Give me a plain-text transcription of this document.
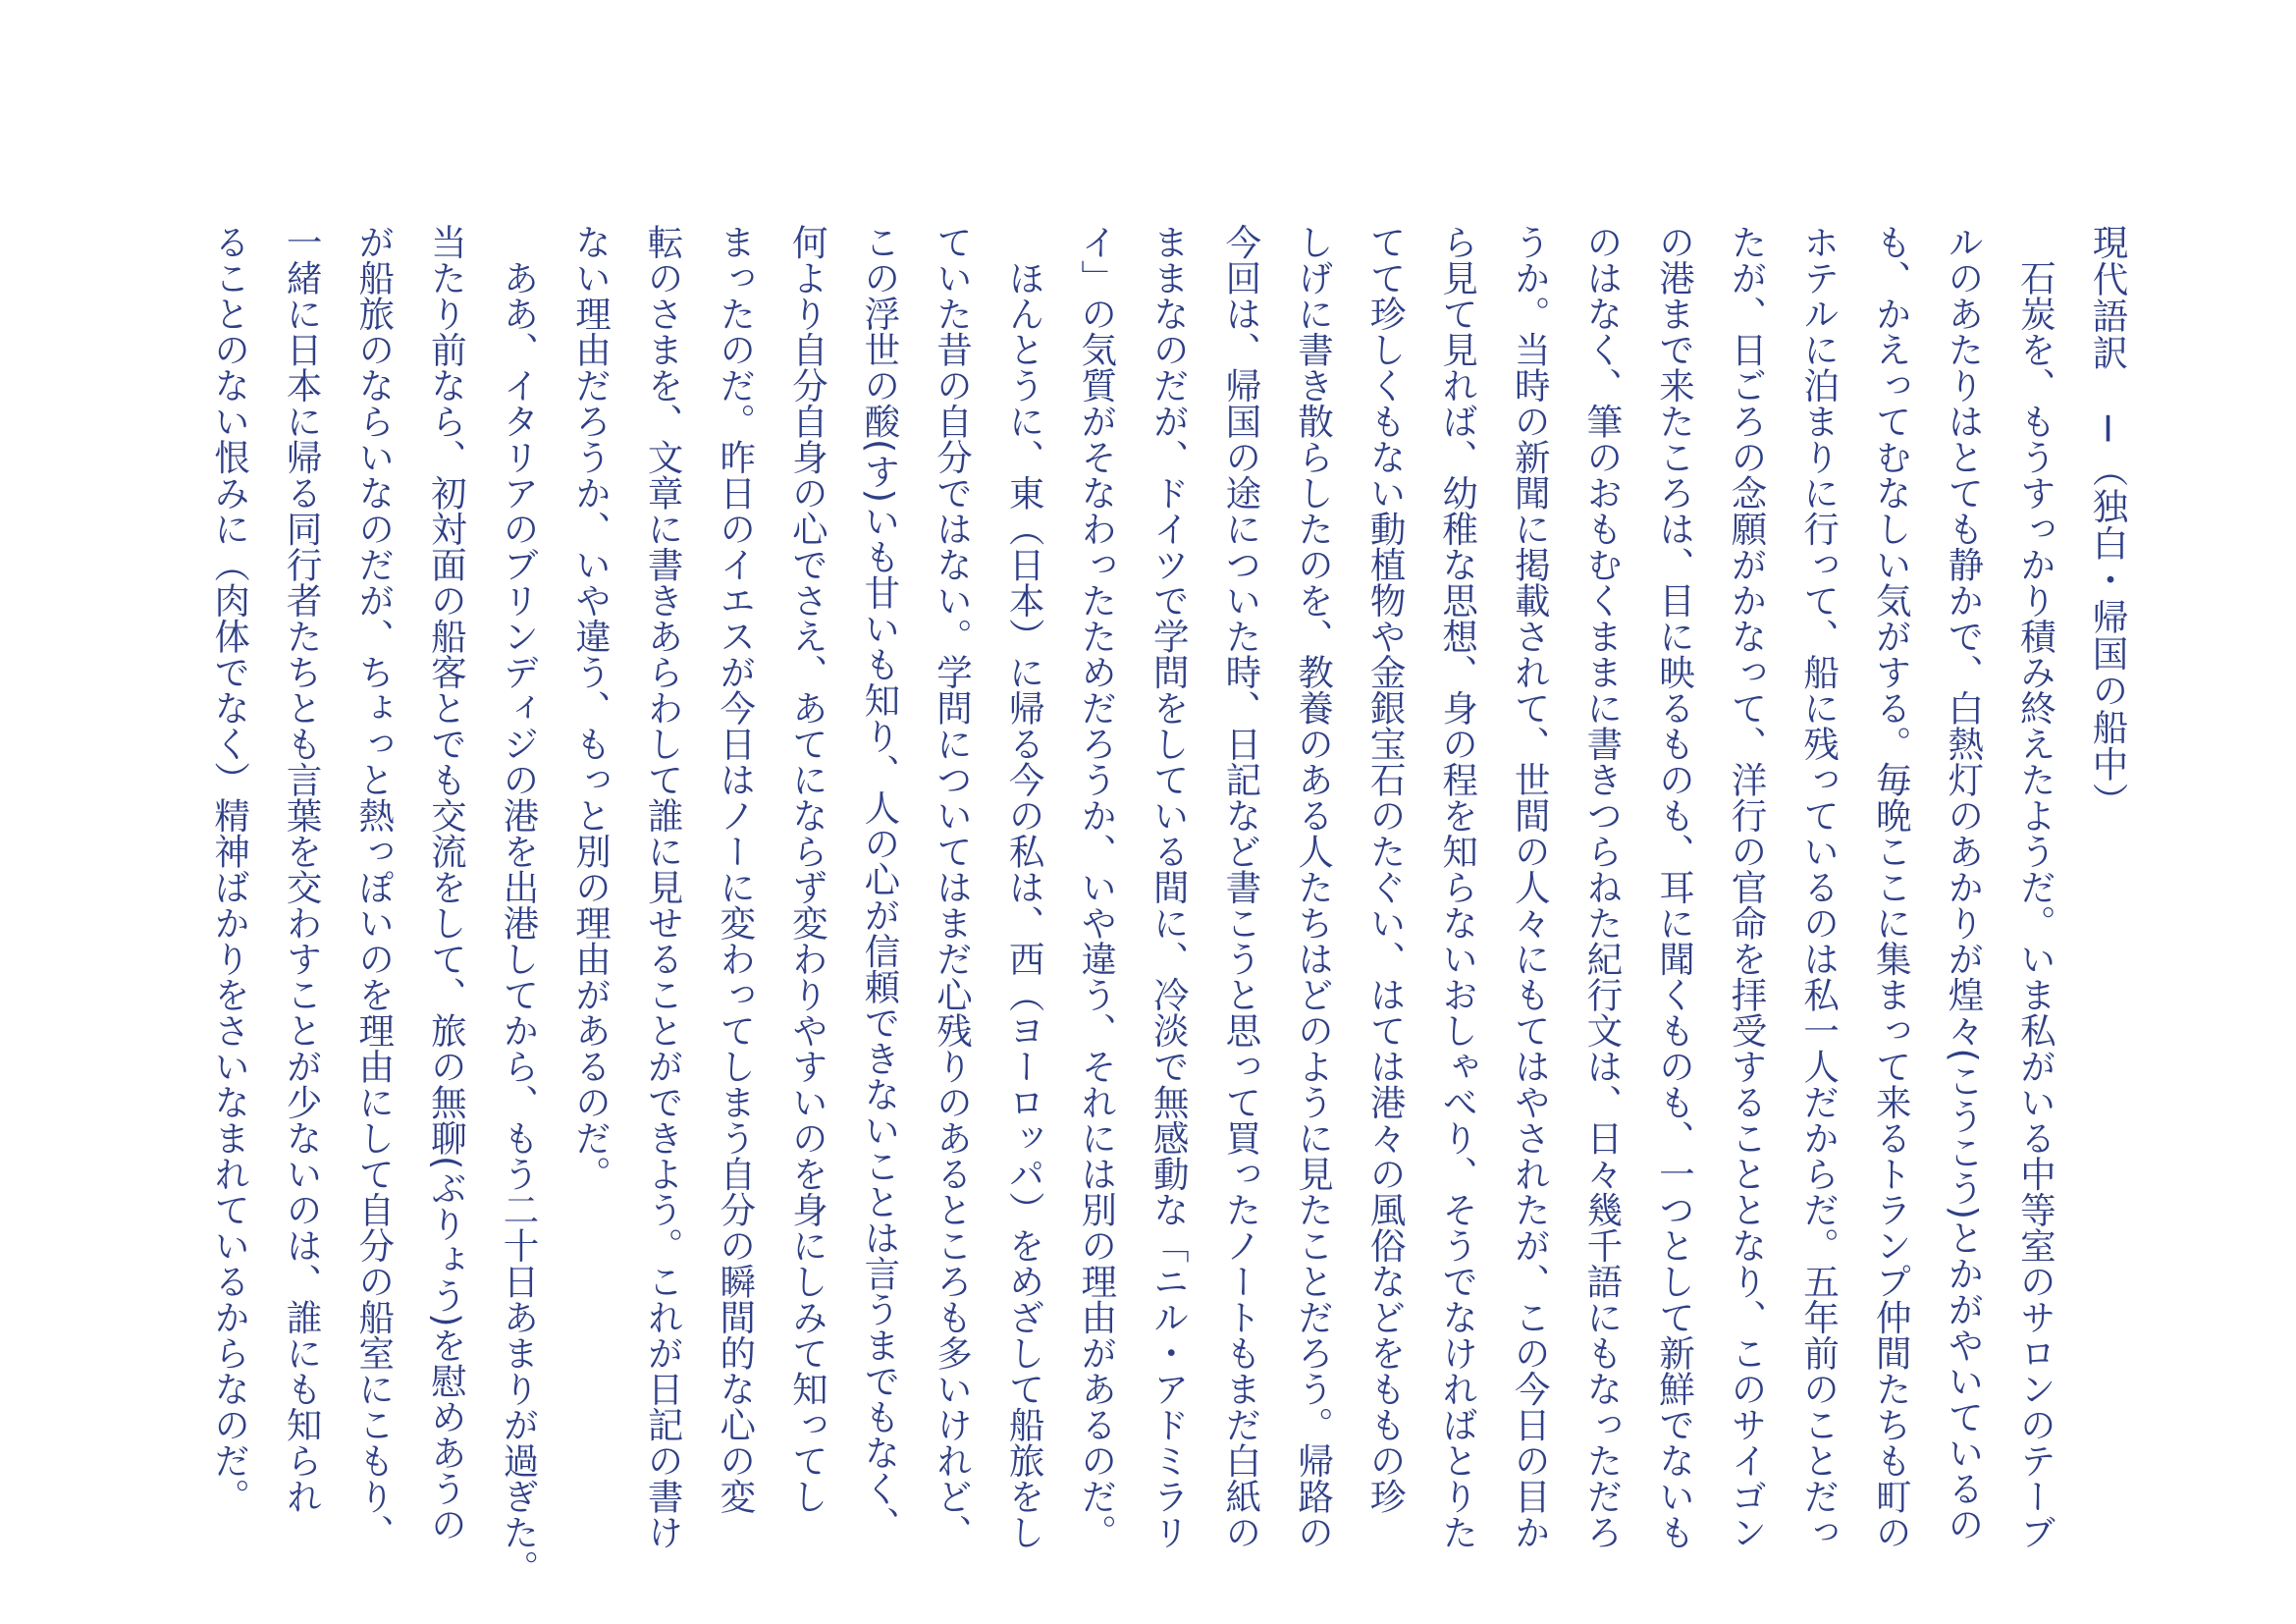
現代語訳　Ⅰ（独白・帰国の船中）
　石炭を、もうすっかり積み終えたようだ。いま私がいる中等室のサロンのテーブ
ルのあたりはとても静かで、白熱灯のあかりが煌々(こうこう)とかがやいているの
も、かえってむなしい気がする。毎晩ここに集まって来るトランプ仲間たちも町の
ホテルに泊まりに行って、船に残っているのは私一人だからだ。五年前のことだっ
たが、日ごろの念願がかなって、洋行の官命を拝受することとなり、このサイゴン
の港まで来たころは、目に映るものも、耳に聞くものも、一つとして新鮮でないも
のはなく、筆のおもむくままに書きつらねた紀行文は、日々幾千語にもなっただろ
うか。当時の新聞に掲載されて、世間の人々にもてはやされたが、この今日の目か
ら見て見れば、幼稚な思想、身の程を知らないおしゃべり、そうでなければとりた
てて珍しくもない動植物や金銀宝石のたぐい、はては港々の風俗などをももの珍
しげに書き散らしたのを、教養のある人たちはどのように見たことだろう。帰路の
今回は、帰国の途についた時、日記など書こうと思って買ったノートもまだ白紙の
ままなのだが、ドイツで学問をしている間に、冷淡で無感動な「ニル・アドミラリ
イ」の気質がそなわったためだろうか、いや違う、それには別の理由があるのだ。
　ほんとうに、東（日本）に帰る今の私は、西（ヨーロッパ）をめざして船旅をし
ていた昔の自分ではない。学問についてはまだ心残りのあるところも多いけれど、
この浮世の酸(す)いも甘いも知り、人の心が信頼できないことは言うまでもなく、
何より自分自身の心でさえ、あてにならず変わりやすいのを身にしみて知ってし
まったのだ。昨日のイエスが今日はノーに変わってしまう自分の瞬間的な心の変
転のさまを、文章に書きあらわして誰に見せることができよう。これが日記の書け
ない理由だろうか、いや違う、もっと別の理由があるのだ。
　ああ、イタリアのブリンディジの港を出港してから、もう二十日あまりが過ぎた。
当たり前なら、初対面の船客とでも交流をして、旅の無聊(ぶりょう)を慰めあうの
が船旅のならいなのだが、ちょっと熱っぽいのを理由にして自分の船室にこもり、
一緒に日本に帰る同行者たちとも言葉を交わすことが少ないのは、誰にも知られ
ることのない恨みに（肉体でなく）精神ばかりをさいなまれているからなのだ。
